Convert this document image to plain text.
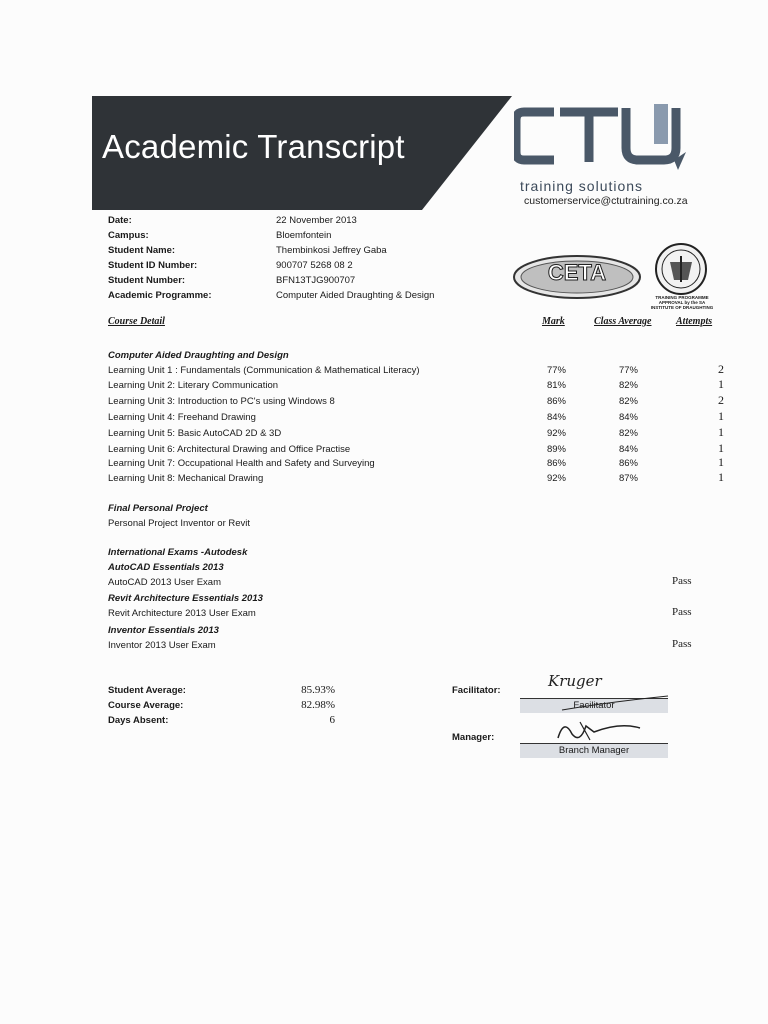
Academic Transcript
CTU
training solutions
customerservice@ctutraining.co.za
Date:	22 November 2013
Campus:	Bloemfontein
Student Name:	Thembinkosi Jeffrey Gaba
Student ID Number:	900707 5268 08 2
Student Number:	BFN13TJG900707
Academic Programme:	Computer Aided Draughting & Design
CETA
TRAINING PROGRAMME APPROVAL by the SA INSTITUTE OF DRAUGHTING
Course Detail	Mark	Class Average Attempts
Computer Aided Draughting and Design
Learning Unit 1 : Fundamentals (Communication & Mathematical Literacy)	77%	77%	2
Learning Unit 2: Literary Communication	81%	82%	1
Learning Unit 3: Introduction to PC's using Windows 8	86%	82%	2
Learning Unit 4: Freehand Drawing	84%	84%	1
Learning Unit 5: Basic AutoCAD 2D & 3D	92%	82%	1
Learning Unit 6: Architectural Drawing and Office Practise	89%	84%	1
Learning Unit 7: Occupational Health and Safety and Surveying	86%	86%	1
Learning Unit 8: Mechanical Drawing	92%	87%	1
Final Personal Project
Personal Project Inventor or Revit
International Exams -Autodesk
AutoCAD Essentials 2013
AutoCAD 2013 User Exam	Pass
Revit Architecture Essentials 2013
Revit Architecture 2013 User Exam	Pass
Inventor Essentials 2013
Inventor 2013 User Exam	Pass
Student Average:	85.93%
Course Average:	82.98%
Days Absent:	6
Facilitator:
Facilitator
Kruger
Manager:
Branch Manager
